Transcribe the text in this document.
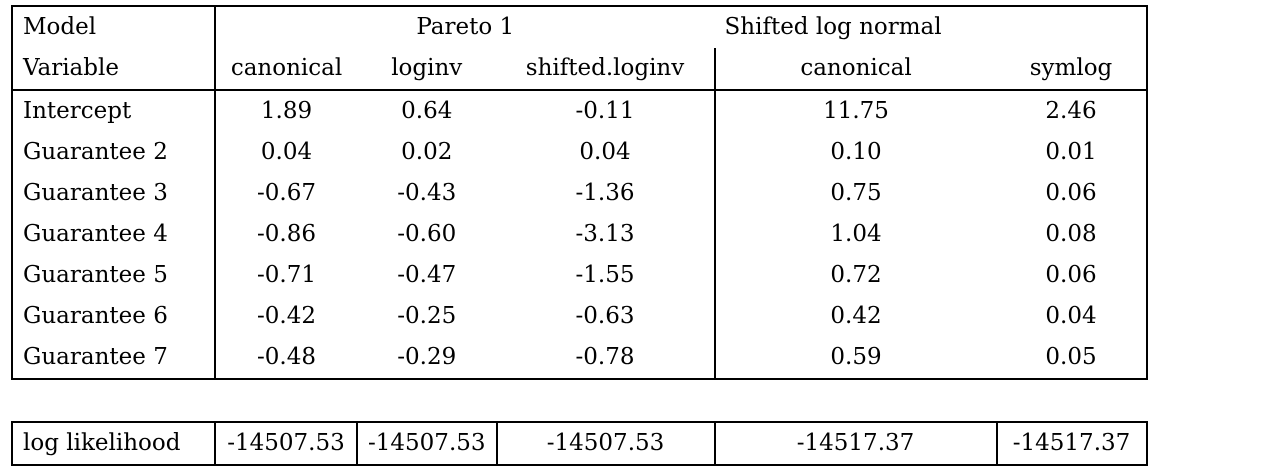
Model	Pareto 1			Shifted log normal	
Variable	canonical	loginv	shifted.loginv	canonical	symlog
Intercept	1.89	0.64	-0.11	11.75	2.46
Guarantee 2	0.04	0.02	0.04	0.10	0.01
Guarantee 3	-0.67	-0.43	-1.36	0.75	0.06
Guarantee 4	-0.86	-0.60	-3.13	1.04	0.08
Guarantee 5	-0.71	-0.47	-1.55	0.72	0.06
Guarantee 6	-0.42	-0.25	-0.63	0.42	0.04
Guarantee 7	-0.48	-0.29	-0.78	0.59	0.05

log likelihood	-14507.53	-14507.53	-14507.53	-14517.37	-14517.37
